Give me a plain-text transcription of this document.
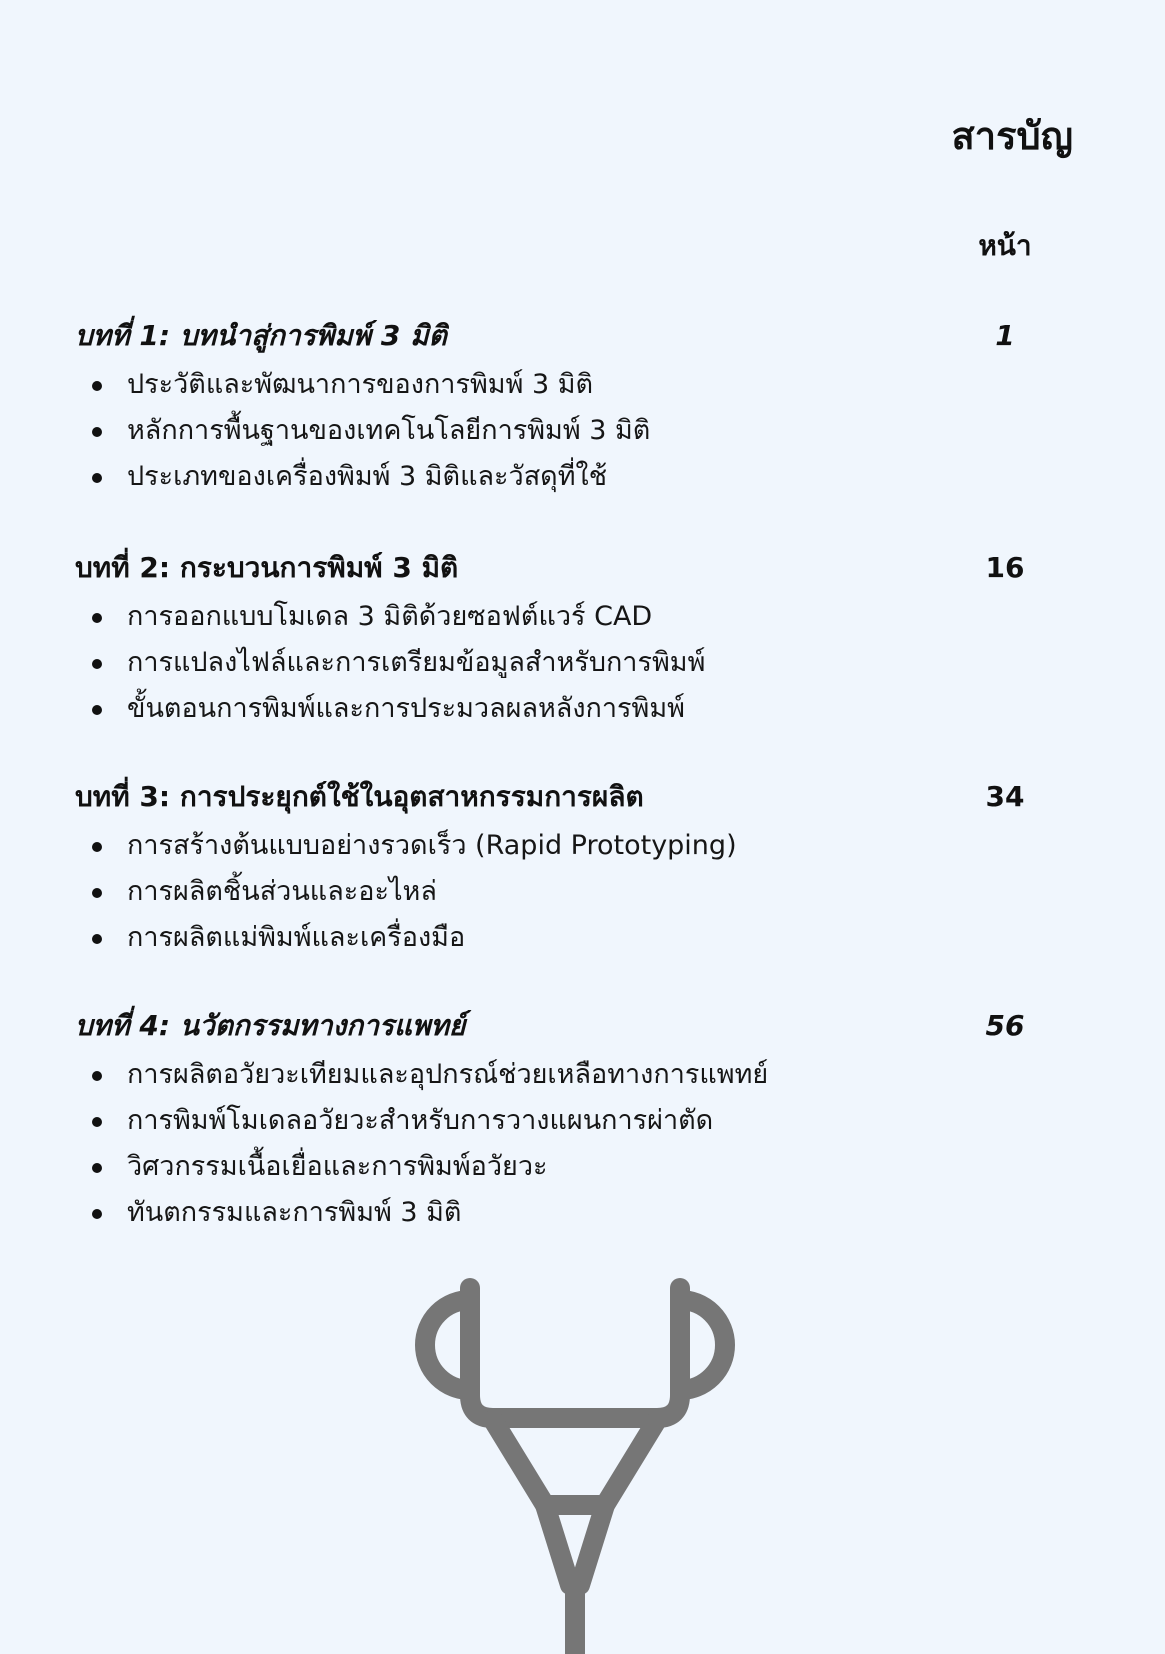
สารบัญ
หน้า
บทที่ 1: บทนำสู่การพิมพ์ 3 มิติ	1
ประวัติและพัฒนาการของการพิมพ์ 3 มิติ
หลักการพื้นฐานของเทคโนโลยีการพิมพ์ 3 มิติ
ประเภทของเครื่องพิมพ์ 3 มิติและวัสดุที่ใช้
บทที่ 2: กระบวนการพิมพ์ 3 มิติ	16
การออกแบบโมเดล 3 มิติด้วยซอฟต์แวร์ CAD
การแปลงไฟล์และการเตรียมข้อมูลสำหรับการพิมพ์
ขั้นตอนการพิมพ์และการประมวลผลหลังการพิมพ์
บทที่ 3: การประยุกต์ใช้ในอุตสาหกรรมการผลิต	34
การสร้างต้นแบบอย่างรวดเร็ว (Rapid Prototyping)
การผลิตชิ้นส่วนและอะไหล่
การผลิตแม่พิมพ์และเครื่องมือ
บทที่ 4: นวัตกรรมทางการแพทย์	56
การผลิตอวัยวะเทียมและอุปกรณ์ช่วยเหลือทางการแพทย์
การพิมพ์โมเดลอวัยวะสำหรับการวางแผนการผ่าตัด
วิศวกรรมเนื้อเยื่อและการพิมพ์อวัยวะ
ทันตกรรมและการพิมพ์ 3 มิติ
